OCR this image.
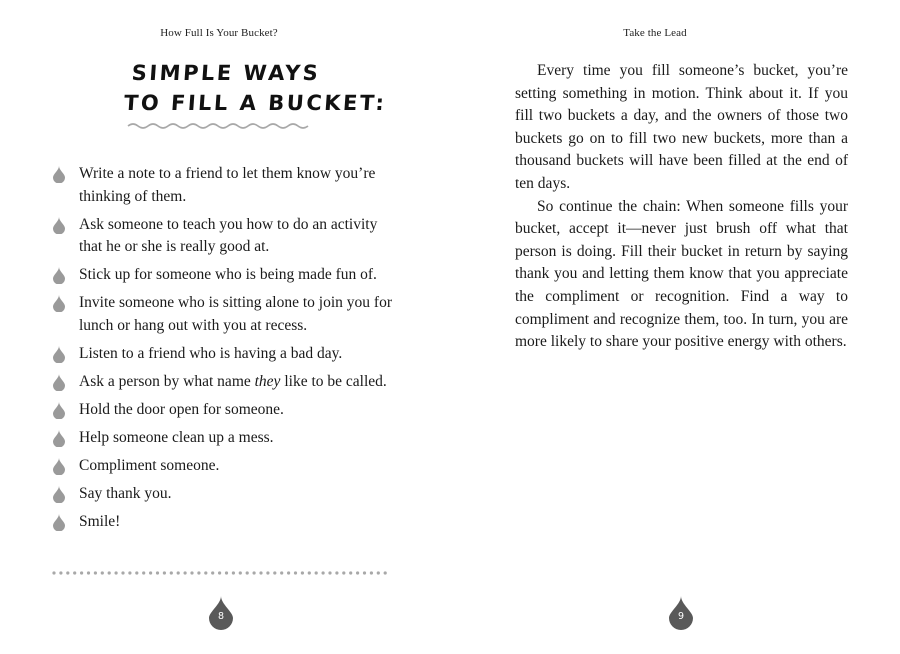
How Full Is Your Bucket?
SIMPLE WAYS
TO FILL A BUCKET:
Write a note to a friend to let them know you’re thinking of them.
Ask someone to teach you how to do an activity that he or she is really good at.
Stick up for someone who is being made fun of.
Invite someone who is sitting alone to join you for lunch or hang out with you at recess.
Listen to a friend who is having a bad day.
Ask a person by what name they like to be called.
Hold the door open for someone.
Help someone clean up a mess.
Compliment someone.
Say thank you.
Smile!
8
Take the Lead

Every time you fill someone’s bucket, you’re setting something in motion. Think about it. If you fill two buckets a day, and the owners of those two buckets go on to fill two new buckets, more than a thousand buckets will have been filled at the end of ten days.

So continue the chain: When someone fills your bucket, accept it—never just brush off what that person is doing. Fill their bucket in return by saying thank you and letting them know that you appreciate the compliment or recognition. Find a way to compliment and recognize them, too. In turn, you are more likely to share your positive energy with others.

9
